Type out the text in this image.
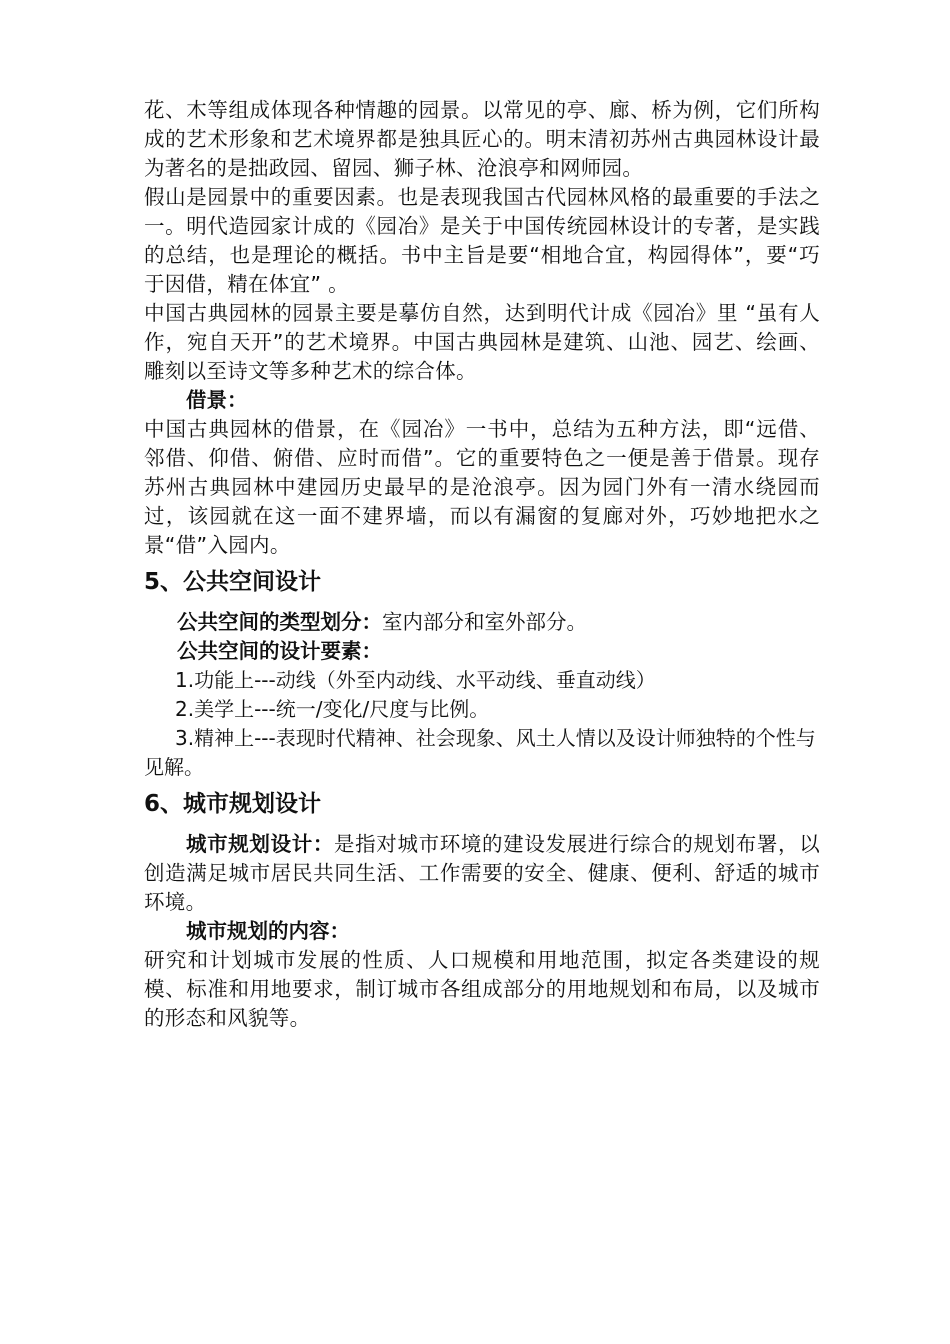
花、木等组成体现各种情趣的园景。以常见的亭、廊、桥为例，它们所构成的艺术形象和艺术境界都是独具匠心的。明末清初苏州古典园林设计最为著名的是拙政园、留园、狮子林、沧浪亭和网师园。

假山是园景中的重要因素。也是表现我国古代园林风格的最重要的手法之一。明代造园家计成的《园冶》是关于中国传统园林设计的专著，是实践的总结，也是理论的概括。书中主旨是要“相地合宜，构园得体”，要“巧于因借，精在体宜” 。

中国古典园林的园景主要是摹仿自然，达到明代计成《园冶》里 “虽有人作，宛自天开”的艺术境界。中国古典园林是建筑、山池、园艺、绘画、雕刻以至诗文等多种艺术的综合体。

借景：

中国古典园林的借景，在《园冶》一书中，总结为五种方法，即“远借、邻借、仰借、俯借、应时而借”。它的重要特色之一便是善于借景。现存苏州古典园林中建园历史最早的是沧浪亭。因为园门外有一清水绕园而过，该园就在这一面不建界墙，而以有漏窗的复廊对外，巧妙地把水之景“借”入园内。

5、公共空间设计

公共空间的类型划分：室内部分和室外部分。

公共空间的设计要素：

1.功能上---动线（外至内动线、水平动线、垂直动线）

2.美学上---统一/变化/尺度与比例。

3.精神上---表现时代精神、社会现象、风土人情以及设计师独特的个性与见解。

6、城市规划设计

城市规划设计：是指对城市环境的建设发展进行综合的规划布署，以创造满足城市居民共同生活、工作需要的安全、健康、便利、舒适的城市环境。

城市规划的内容：

研究和计划城市发展的性质、人口规模和用地范围，拟定各类建设的规模、标准和用地要求，制订城市各组成部分的用地规划和布局，以及城市的形态和风貌等。
